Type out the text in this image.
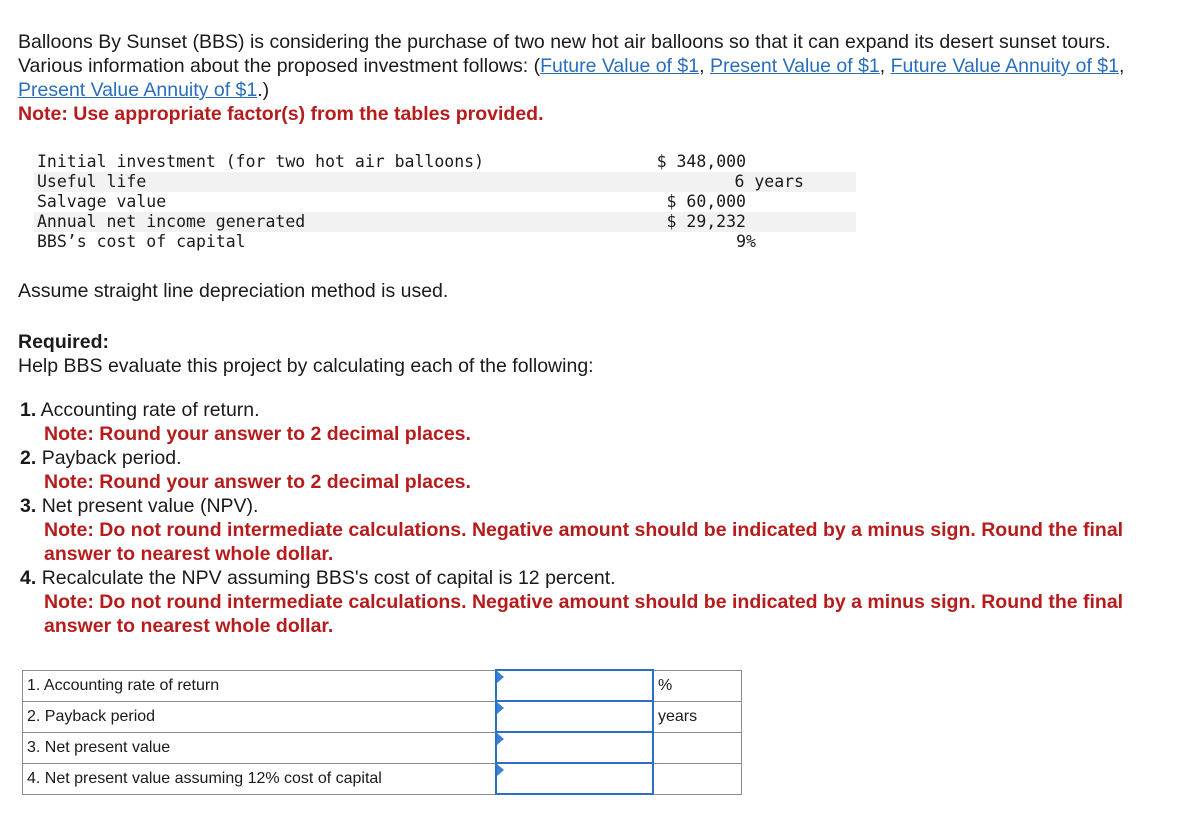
Balloons By Sunset (BBS) is considering the purchase of two new hot air balloons so that it can expand its desert sunset tours. Various information about the proposed investment follows: (Future Value of $1, Present Value of $1, Future Value Annuity of $1, Present Value Annuity of $1.)
Note: Use appropriate factor(s) from the tables provided.

Initial investment (for two hot air balloons)	$ 348,000
Useful life	6 years
Salvage value	$ 60,000
Annual net income generated	$ 29,232
BBS’s cost of capital	9%

Assume straight line depreciation method is used.

Required:
Help BBS evaluate this project by calculating each of the following:

1. Accounting rate of return.
Note: Round your answer to 2 decimal places.
2. Payback period.
Note: Round your answer to 2 decimal places.
3. Net present value (NPV).
Note: Do not round intermediate calculations. Negative amount should be indicated by a minus sign. Round the final answer to nearest whole dollar.
4. Recalculate the NPV assuming BBS's cost of capital is 12 percent.
Note: Do not round intermediate calculations. Negative amount should be indicated by a minus sign. Round the final answer to nearest whole dollar.
1. Accounting rate of return		%
2. Payback period		years
3. Net present value	

4. Net present value assuming 12% cost of capital	
